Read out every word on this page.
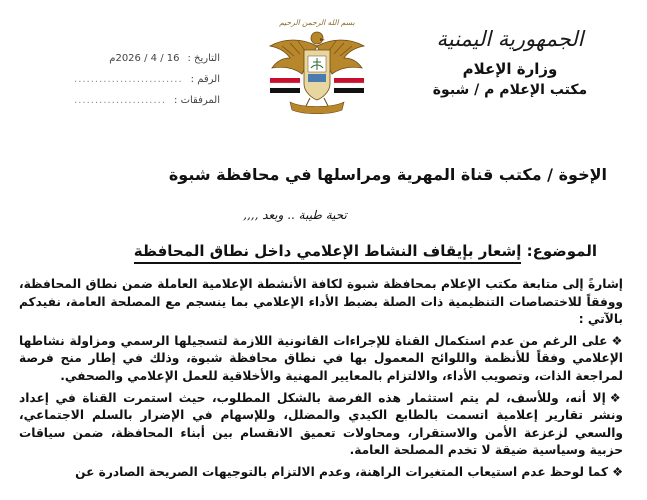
الجمهورية اليمنية
وزارة الإعلام
مكتب الإعلام م / شبوة
بسم الله الرحمن الرحيم
التاريخ :
16 / 4 / 2026م
الرقم :
..........................
المرفقات :
......................
الإخوة / مكتب قناة المهرية ومراسلها في محافظة شبوة
تحية طيبة .. وبعد ,,,,
الموضوع: إشعار بإيقاف النشاط الإعلامي داخل نطاق المحافظة

إشارةً إلى متابعة مكتب الإعلام بمحافظة شبوة لكافة الأنشطة الإعلامية العاملة ضمن نطاق المحافظة، ووفقاً للاختصاصات التنظيمية ذات الصلة بضبط الأداء الإعلامي بما ينسجم مع المصلحة العامة، نفيدكم بالآتي :

❖على الرغم من عدم استكمال القناة للإجراءات القانونية اللازمة لتسجيلها الرسمي ومزاولة نشاطها الإعلامي وفقاً للأنظمة واللوائح المعمول بها في نطاق محافظة شبوة، وذلك في إطار منح فرصة لمراجعة الذات، وتصويب الأداء، والالتزام بالمعايير المهنية والأخلاقية للعمل الإعلامي والصحفي.

❖إلا أنه، وللأسف، لم يتم استثمار هذه الفرصة بالشكل المطلوب، حيث استمرت القناة في إعداد ونشر تقارير إعلامية اتسمت بالطابع الكيدي والمضلل، وللإسهام في الإضرار بالسلم الاجتماعي، والسعي لزعزعة الأمن والاستقرار، ومحاولات تعميق الانقسام بين أبناء المحافظة، ضمن سياقات حزبية وسياسية ضيقة لا تخدم المصلحة العامة.

❖كما لوحظ عدم استيعاب المتغيرات الراهنة، وعدم الالتزام بالتوجيهات الصريحة الصادرة عن
